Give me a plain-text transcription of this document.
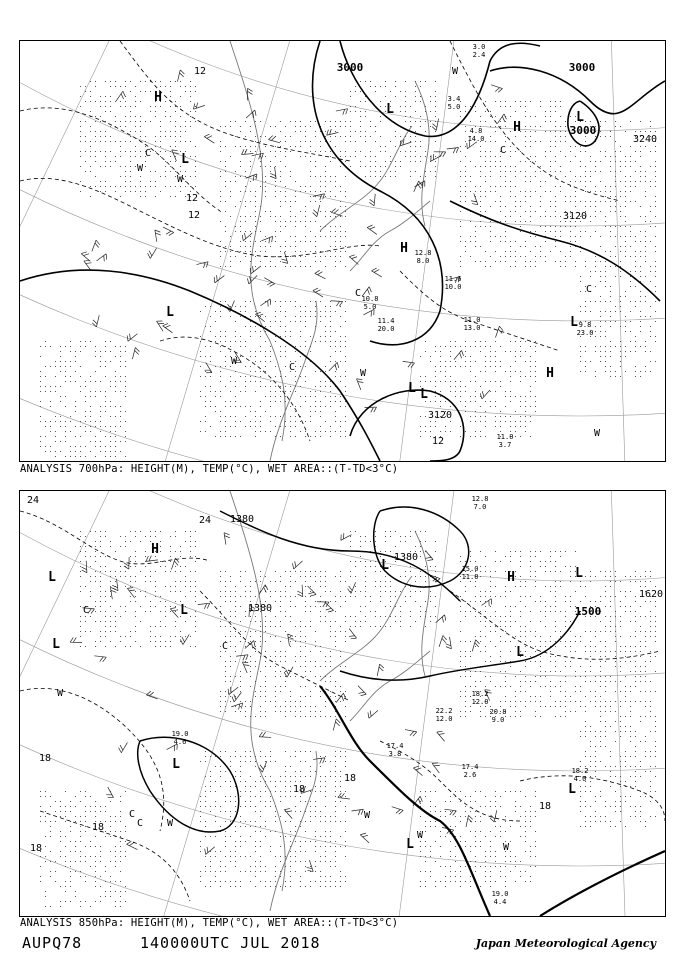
3000	3000
3000
3240
3120
3120
12
12
12
12
H
L
L
H
L
H
L
L
H
L L
W
W
W
W
W
W
C	C
C	C
C
11.0
3.7
11.0
13.0	9.8
23.0
11.4
20.0
10.8
5.0
11.6
10.0
12.8
8.0
3.0
2.4
3.4
5.0
4.8
14.0
ANALYSIS 700hPa: HEIGHT(M), TEMP(°C), WET AREA::(T-TD<3°C)
1500
1620
1380
1380
1380
24
24
18
18
18
18
18
18
H
L
L
L
L
H	L
L
L
L
L
W
W
W
W
W
C
C
C
C
19.0
4.4
18.2
4.0
17.4
2.6
17.4
3.8
20.8
9.0
22.2
12.0
12.8
7.0
15.0
11.0
19.0
4.6
18.2
12.0
ANALYSIS 850hPa: HEIGHT(M), TEMP(°C), WET AREA::(T-TD<3°C)
AUPQ78	140000UTC JUL 2018	Japan Meteorological Agency
